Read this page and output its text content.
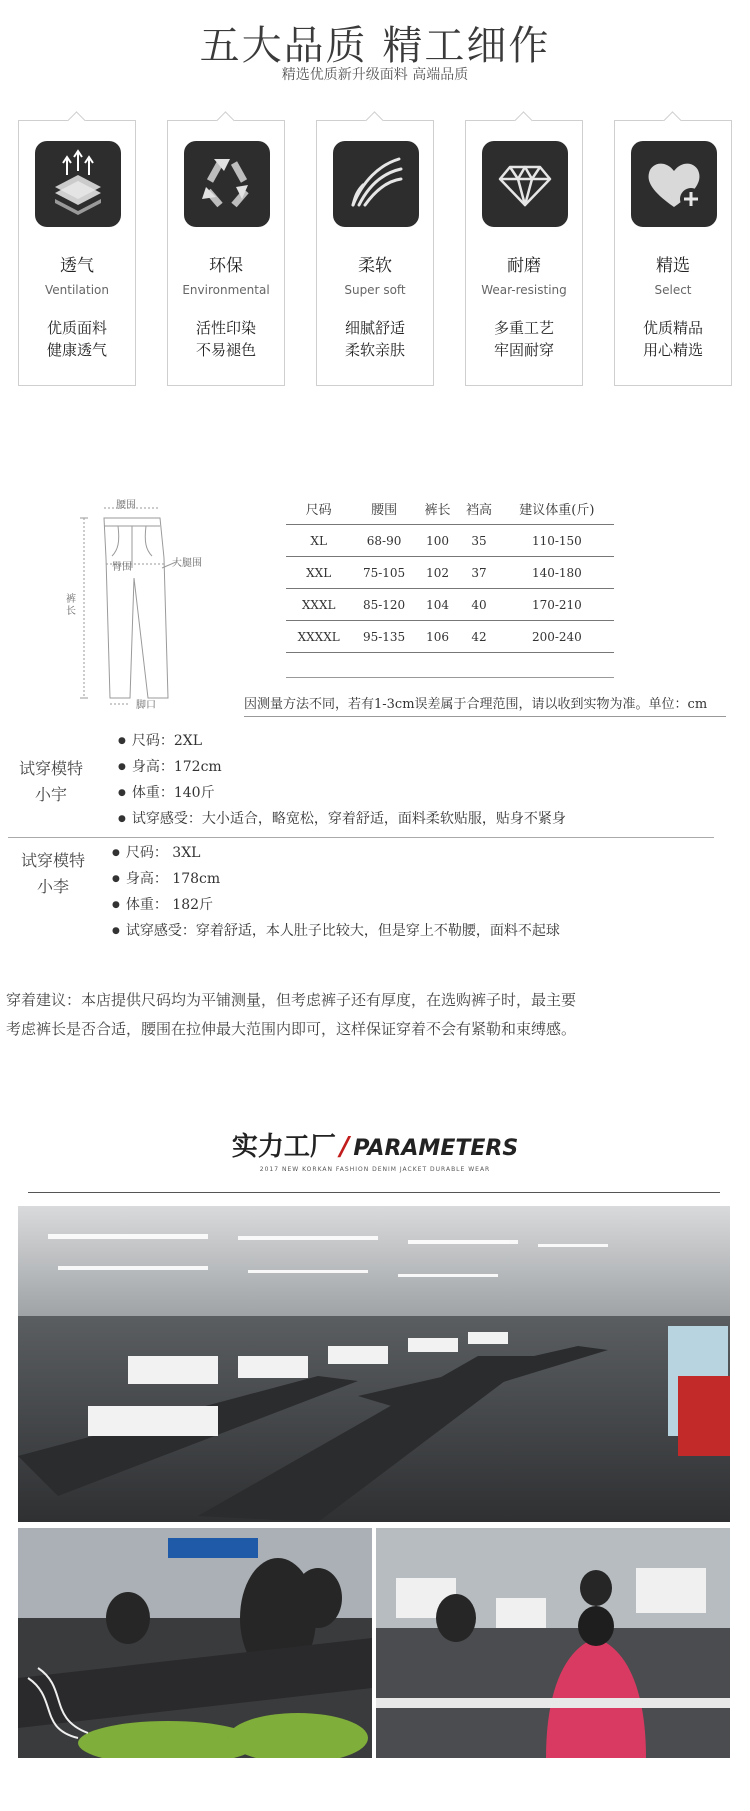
五大品质 精工细作
精选优质新升级面料 高端品质
透气
Ventilation
优质面料
健康透气
环保
Environmental
活性印染
不易褪色
柔软
Super soft
细腻舒适
柔软亲肤
耐磨
Wear-resisting
多重工艺
牢固耐穿
精选
Select
优质精品
用心精选
腰围
臀围	大腿围
裤长
脚口
尺码	腰围	裤长	裆高	建议体重(斤)
XL	68-90	100	35	110-150
XXL	75-105	102	37	140-180
XXXL	85-120	104	40	170-210
XXXXL	95-135	106	42	200-240
因测量方法不同，若有1-3cm误差属于合理范围，请以收到实物为准。单位：cm
试穿模特
小宇
● 尺码：2XL
● 身高：172cm
● 体重：140斤
● 试穿感受：大小适合，略宽松，穿着舒适，面料柔软贴服，贴身不紧身
试穿模特
小李
● 尺码： 3XL
● 身高： 178cm
● 体重： 182斤
● 试穿感受：穿着舒适，本人肚子比较大，但是穿上不勒腰，面料不起球
穿着建议：本店提供尺码均为平铺测量，但考虑裤子还有厚度，在选购裤子时，最主要
考虑裤长是否合适，腰围在拉伸最大范围内即可，这样保证穿着不会有紧勒和束缚感。
实力工厂 / PARAMETERS
2017 NEW KORKAN FASHION DENIM JACKET DURABLE WEAR
